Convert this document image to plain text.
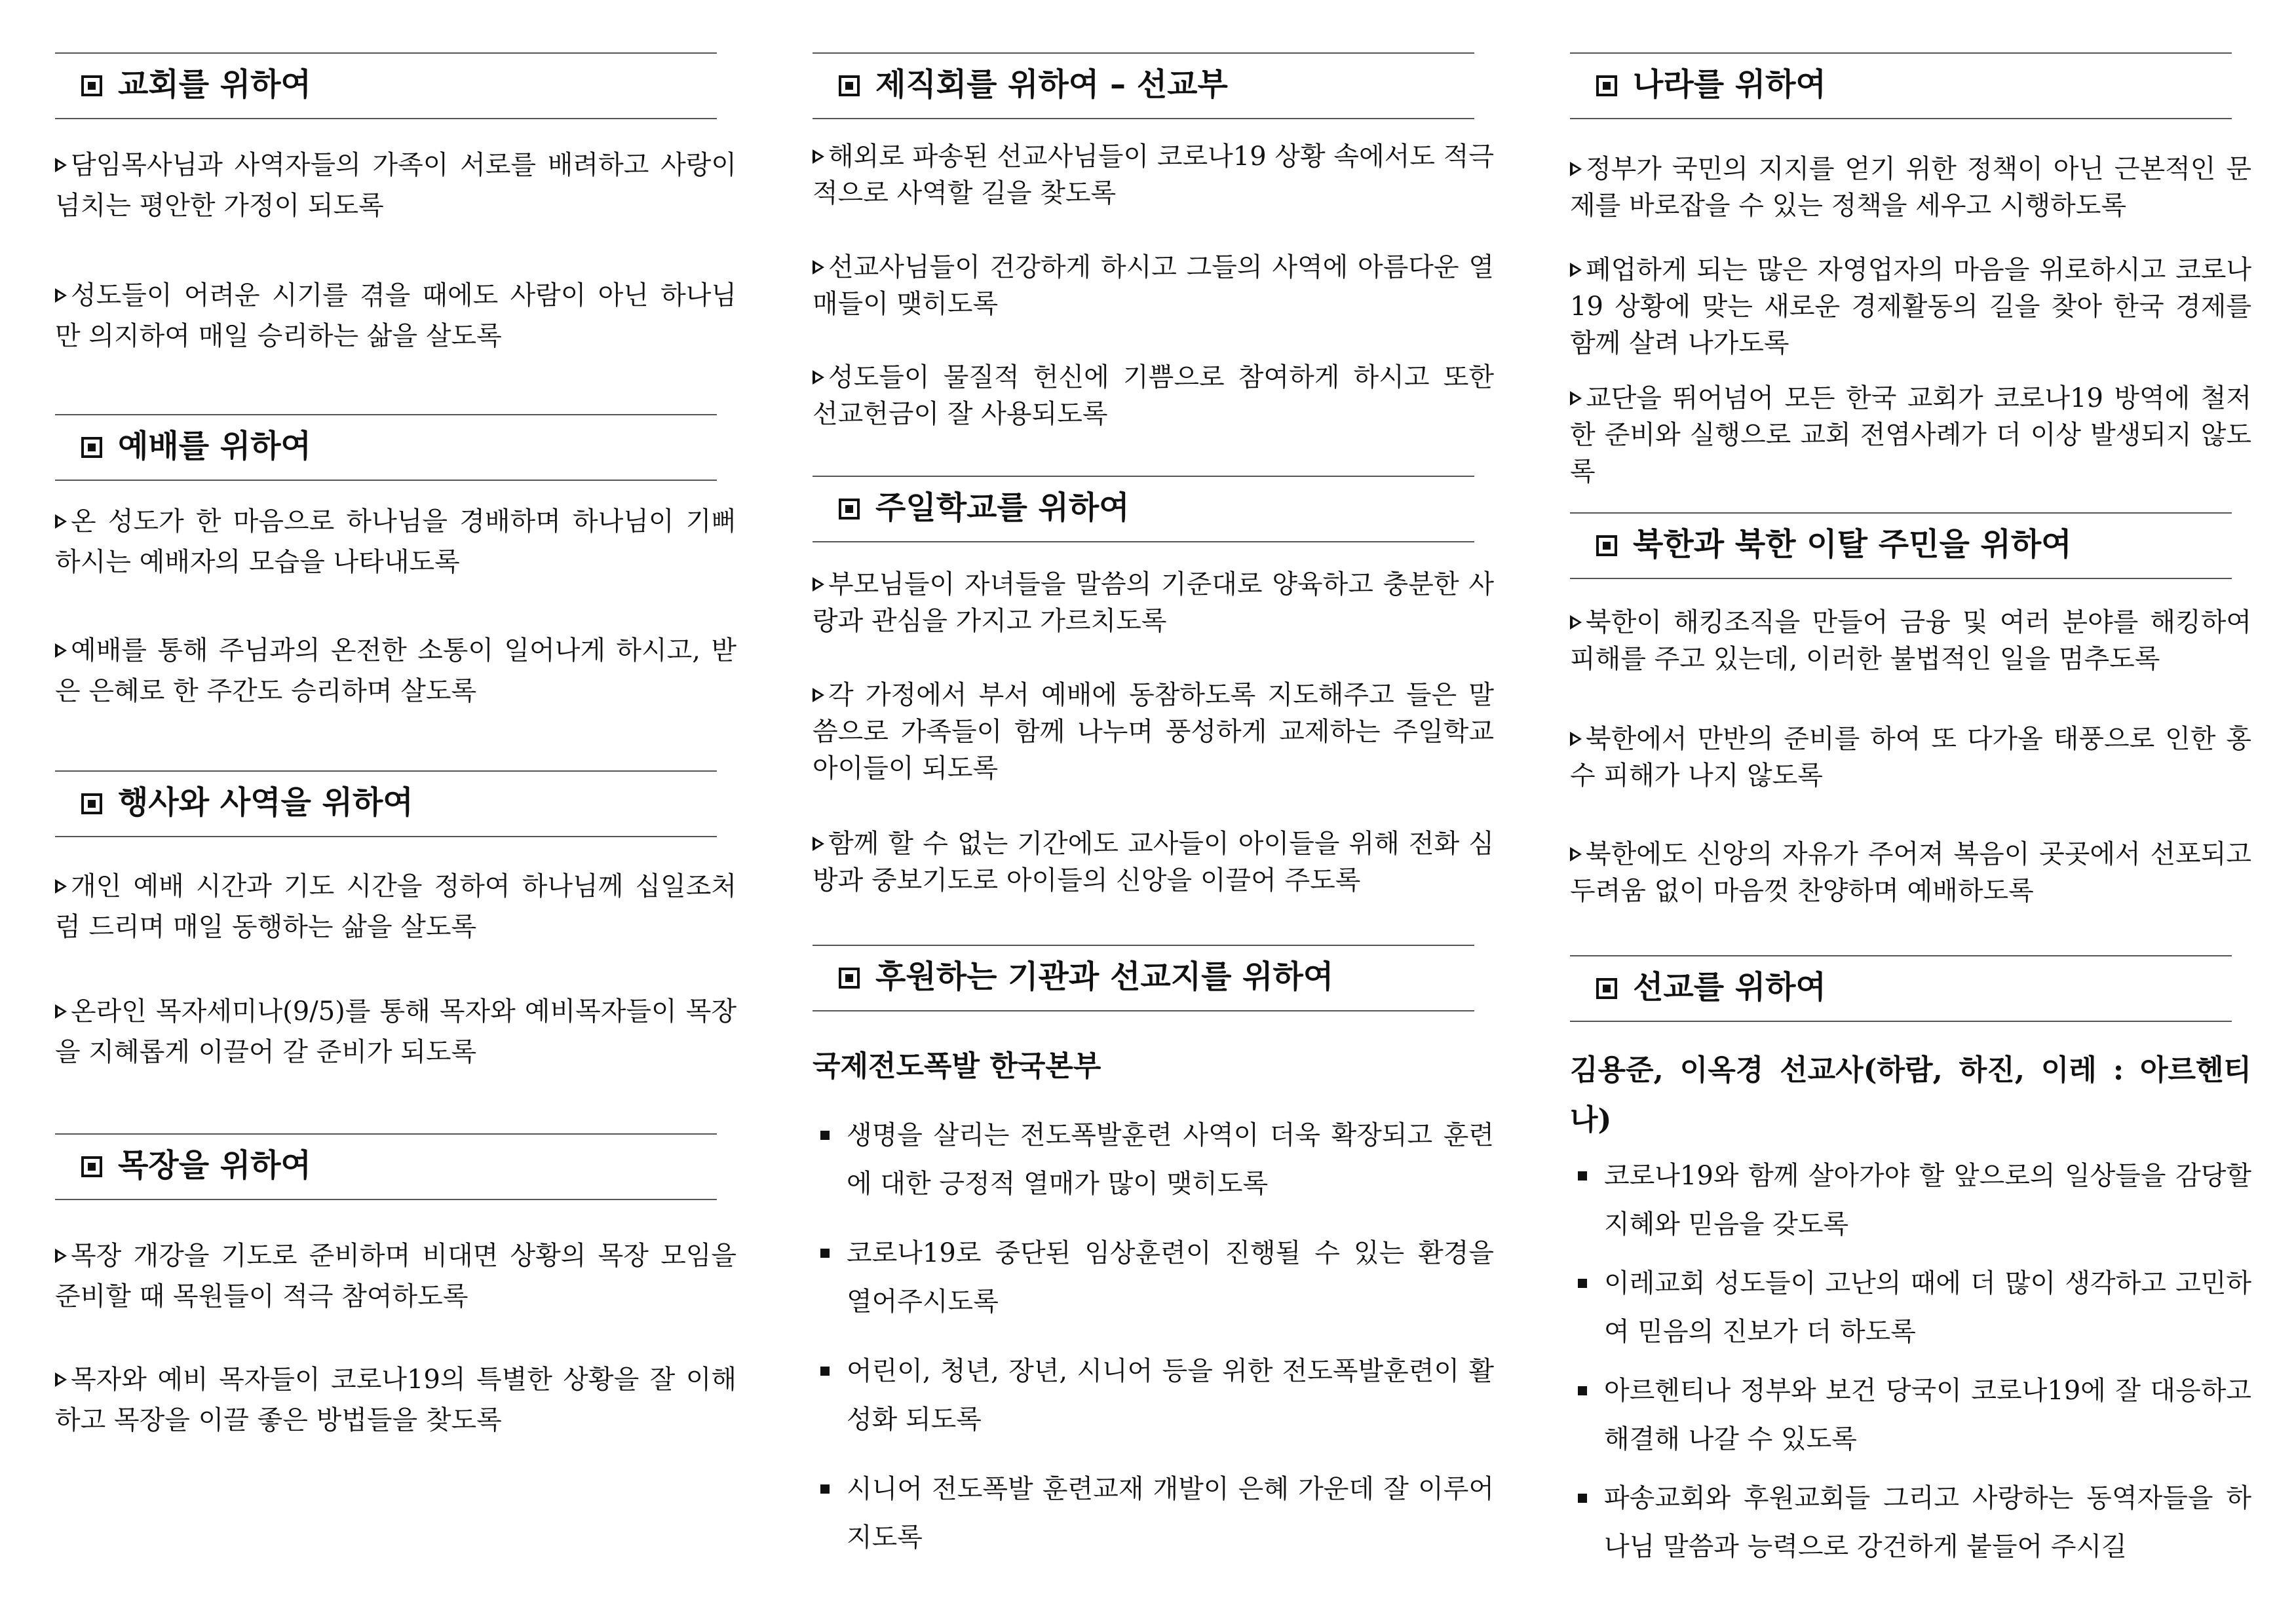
교회를 위하여

담임목사님과 사역자들의 가족이 서로를 배려하고 사랑이 넘치는 평안한 가정이 되도록

성도들이 어려운 시기를 겪을 때에도 사람이 아닌 하나님만 의지하여 매일 승리하는 삶을 살도록

예배를 위하여

온 성도가 한 마음으로 하나님을 경배하며 하나님이 기뻐하시는 예배자의 모습을 나타내도록

예배를 통해 주님과의 온전한 소통이 일어나게 하시고, 받은 은혜로 한 주간도 승리하며 살도록

행사와 사역을 위하여

개인 예배 시간과 기도 시간을 정하여 하나님께 십일조처럼 드리며 매일 동행하는 삶을 살도록

온라인 목자세미나(9/5)를 통해 목자와 예비목자들이 목장을 지혜롭게 이끌어 갈 준비가 되도록

목장을 위하여

목장 개강을 기도로 준비하며 비대면 상황의 목장 모임을 준비할 때 목원들이 적극 참여하도록

목자와 예비 목자들이 코로나19의 특별한 상황을 잘 이해하고 목장을 이끌 좋은 방법들을 찾도록

제직회를 위하여 – 선교부

해외로 파송된 선교사님들이 코로나19 상황 속에서도 적극적으로 사역할 길을 찾도록

선교사님들이 건강하게 하시고 그들의 사역에 아름다운 열매들이 맺히도록

성도들이 물질적 헌신에 기쁨으로 참여하게 하시고 또한 선교헌금이 잘 사용되도록

주일학교를 위하여

부모님들이 자녀들을 말씀의 기준대로 양육하고 충분한 사랑과 관심을 가지고 가르치도록

각 가정에서 부서 예배에 동참하도록 지도해주고 들은 말씀으로 가족들이 함께 나누며 풍성하게 교제하는 주일학교 아이들이 되도록

함께 할 수 없는 기간에도 교사들이 아이들을 위해 전화 심방과 중보기도로 아이들의 신앙을 이끌어 주도록

후원하는 기관과 선교지를 위하여

국제전도폭발 한국본부

생명을 살리는 전도폭발훈련 사역이 더욱 확장되고 훈련에 대한 긍정적 열매가 많이 맺히도록

코로나19로 중단된 임상훈련이 진행될 수 있는 환경을 열어주시도록

어린이, 청년, 장년, 시니어 등을 위한 전도폭발훈련이 활성화 되도록

시니어 전도폭발 훈련교재 개발이 은혜 가운데 잘 이루어지도록

나라를 위하여

정부가 국민의 지지를 얻기 위한 정책이 아닌 근본적인 문제를 바로잡을 수 있는 정책을 세우고 시행하도록

폐업하게 되는 많은 자영업자의 마음을 위로하시고 코로나19 상황에 맞는 새로운 경제활동의 길을 찾아 한국 경제를 함께 살려 나가도록

교단을 뛰어넘어 모든 한국 교회가 코로나19 방역에 철저한 준비와 실행으로 교회 전염사례가 더 이상 발생되지 않도록

북한과 북한 이탈 주민을 위하여

북한이 해킹조직을 만들어 금융 및 여러 분야를 해킹하여 피해를 주고 있는데, 이러한 불법적인 일을 멈추도록

북한에서 만반의 준비를 하여 또 다가올 태풍으로 인한 홍수 피해가 나지 않도록

북한에도 신앙의 자유가 주어져 복음이 곳곳에서 선포되고 두려움 없이 마음껏 찬양하며 예배하도록

선교를 위하여

김용준, 이옥경 선교사(하람, 하진, 이레 : 아르헨티나)

코로나19와 함께 살아가야 할 앞으로의 일상들을 감당할 지혜와 믿음을 갖도록

이레교회 성도들이 고난의 때에 더 많이 생각하고 고민하여 믿음의 진보가 더 하도록

아르헨티나 정부와 보건 당국이 코로나19에 잘 대응하고 해결해 나갈 수 있도록

파송교회와 후원교회들 그리고 사랑하는 동역자들을 하나님 말씀과 능력으로 강건하게 붙들어 주시길
